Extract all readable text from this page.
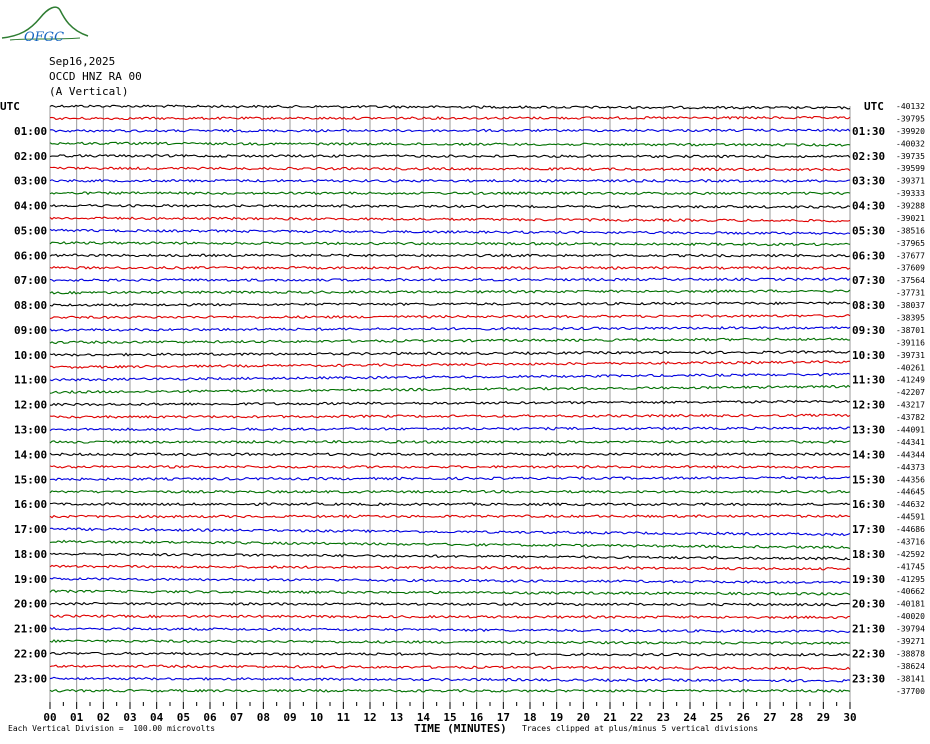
OFGC
Sep16,2025
OCCD HNZ RA 00
(A Vertical)
01:00
02:00
03:00
04:00
05:00
06:00
07:00
08:00
09:00
10:00
11:00
12:00
13:00
14:00
15:00
16:00
17:00
18:00
19:00
20:00
21:00
22:00
23:00
01:30
02:30
03:30
04:30
05:30
06:30
07:30
08:30
09:30
10:30
11:30
12:30
13:30
14:30
15:30
16:30
17:30
18:30
19:30
20:30
21:30
22:30
23:30
-40132
-39795
-39920
-40032
-39735
-39599
-39371
-39333
-39288
-39021
-38516
-37965
-37677
-37609
-37564
-37731
-38037
-38395
-38701
-39116
-39731
-40261
-41249
-42207
-43217
-43782
-44091
-44341
-44344
-44373
-44356
-44645
-44632
-44591
-44686
-43716
-42592
-41745
-41295
-40662
-40181
-40020
-39794
-39271
-38878
-38624
-38141
-37700
00 01 02 03 04 05 06 07 08 09 10 11 12 13 14 15 16 17 18 19 20 21 22 23 24 25 26 27 28 29 30
UTC	UTC
TIME (MINUTES)
Each Vertical Division =  100.00 microvolts	Traces clipped at plus/minus 5 vertical divisions
